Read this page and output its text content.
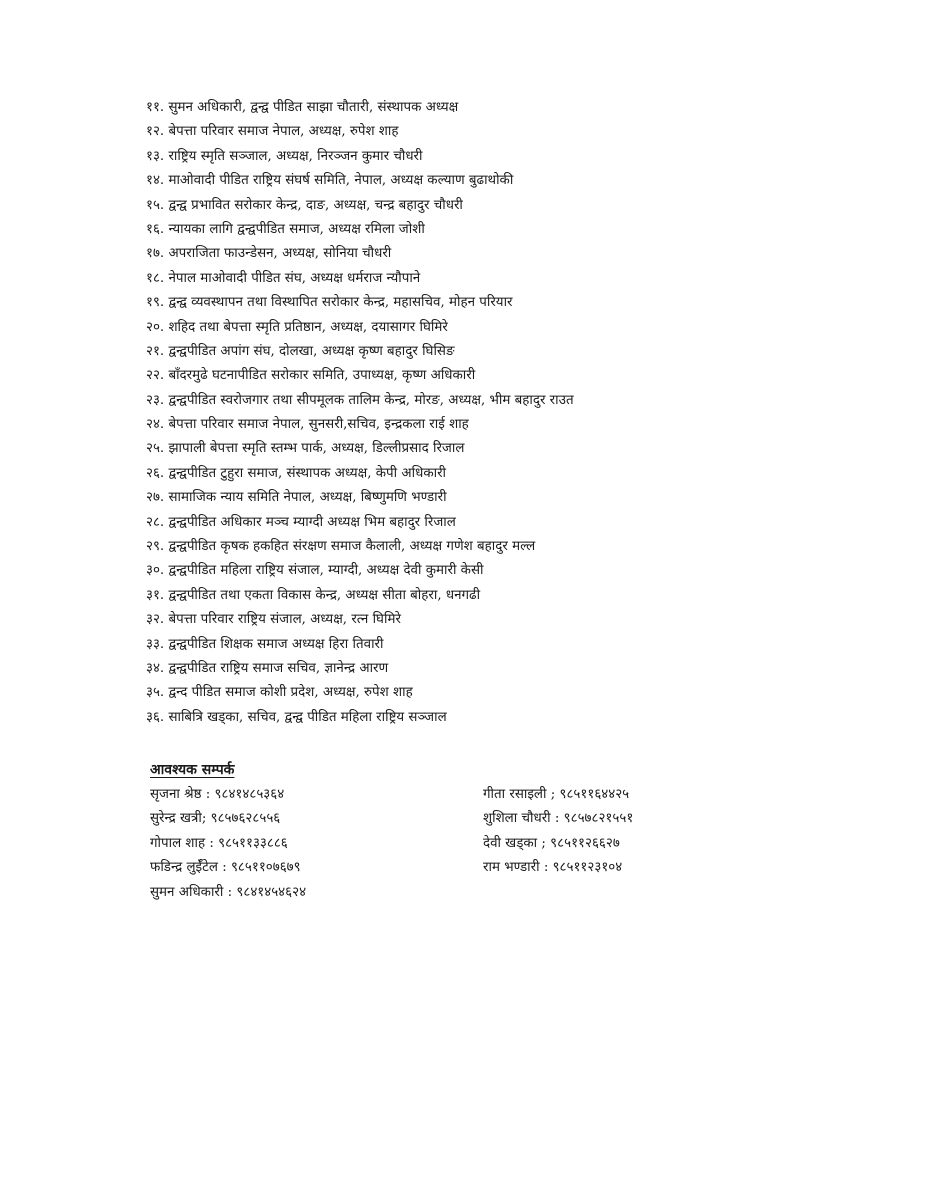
११. सुमन अधिकारी, द्वन्द्व पीडित साझा चौतारी, संस्थापक अध्यक्ष
१२. बेपत्ता परिवार समाज नेपाल, अध्यक्ष, रुपेश शाह
१३. राष्ट्रिय स्मृति सञ्जाल, अध्यक्ष, निरञ्जन कुमार चौधरी
१४. माओवादी पीडित राष्ट्रिय संघर्ष समिति, नेपाल, अध्यक्ष कल्याण बुढाथोकी
१५. द्वन्द्व प्रभावित सरोकार केन्द्र, दाङ, अध्यक्ष, चन्द्र बहादुर चौधरी
१६. न्यायका लागि द्वन्द्वपीडित समाज, अध्यक्ष रमिला जोशी
१७. अपराजिता फाउन्डेसन, अध्यक्ष, सोनिया चौधरी
१८. नेपाल माओवादी पीडित संघ, अध्यक्ष धर्मराज न्यौपाने
१९. द्वन्द्व व्यवस्थापन तथा विस्थापित सरोकार केन्द्र, महासचिव, मोहन परियार
२०. शहिद तथा बेपत्ता स्मृति प्रतिष्ठान, अध्यक्ष, दयासागर घिमिरे
२१. द्वन्द्वपीडित अपांग संघ, दोलखा, अध्यक्ष कृष्ण बहादुर घिसिङ
२२. बाँदरमुढे घटनापीडित सरोकार समिति, उपाध्यक्ष, कृष्ण अधिकारी
२३. द्वन्द्वपीडित स्वरोजगार तथा सीपमूलक तालिम केन्द्र, मोरङ, अध्यक्ष, भीम बहादुर राउत
२४. बेपत्ता परिवार समाज नेपाल, सुनसरी,सचिव, इन्द्रकला राई शाह
२५. झापाली बेपत्ता स्मृति स्तम्भ पार्क, अध्यक्ष, डिल्लीप्रसाद रिजाल
२६. द्वन्द्वपीडित टुहुरा समाज, संस्थापक अध्यक्ष, केपी अधिकारी
२७. सामाजिक न्याय समिति नेपाल, अध्यक्ष, बिष्णुमणि भण्डारी
२८. द्वन्द्वपीडित अधिकार मञ्च म्याग्दी अध्यक्ष भिम बहादुर रिजाल
२९. द्वन्द्वपीडित कृषक हकहित संरक्षण समाज कैलाली, अध्यक्ष गणेश बहादुर मल्ल
३०. द्वन्द्वपीडित महिला राष्ट्रिय संजाल, म्याग्दी, अध्यक्ष देवी कुमारी केसी
३१. द्वन्द्वपीडित तथा एकता विकास केन्द्र, अध्यक्ष सीता बोहरा, धनगढी
३२. बेपत्ता परिवार राष्ट्रिय संजाल, अध्यक्ष, रत्न घिमिरे
३३. द्वन्द्वपीडित शिक्षक समाज अध्यक्ष हिरा तिवारी
३४. द्वन्द्वपीडित राष्ट्रिय समाज सचिव, ज्ञानेन्द्र आरण
३५. द्वन्द पीडित समाज कोशी प्रदेश, अध्यक्ष, रुपेश शाह
३६. साबित्रि खड्का, सचिव, द्वन्द्व पीडित महिला राष्ट्रिय सञ्जाल
आवश्यक सम्पर्क
सृजना श्रेष्ठ : ९८४१४८५३६४
सुरेन्द्र खत्री; ९८५७६२८५५६
गोपाल शाह : ९८५११३३८८६
फडिन्द्र लुईँटेल : ९८५११०७६७९
सुमन अधिकारी : ९८४१४५४६२४
गीता रसाइली ; ९८५११६४४२५
शुशिला चौधरी : ९८५७८२१५५१
देवी खड्का ; ९८५११२६६२७
राम भण्डारी : ९८५११२३१०४
